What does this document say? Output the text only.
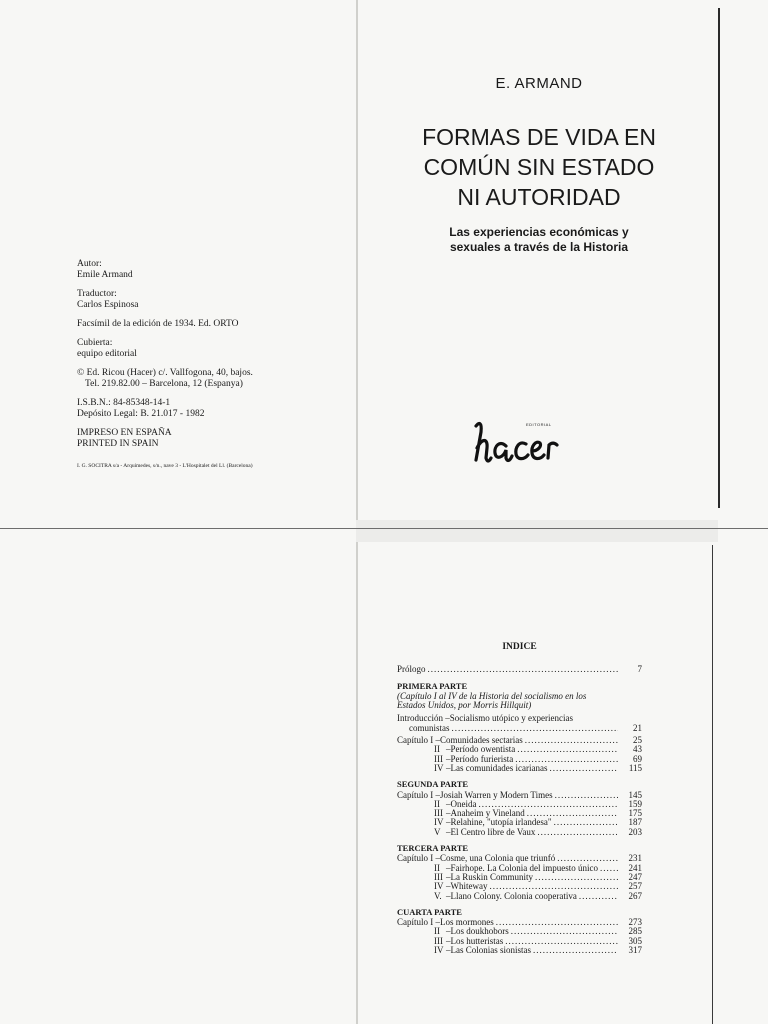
E. ARMAND
FORMAS DE VIDA EN
COMÚN SIN ESTADO
NI AUTORIDAD
Las experiencias económicas y
sexuales a través de la Historia
EDITORIAL
Autor:
Emile Armand
Traductor:
Carlos Espinosa
Facsímil de la edición de 1934. Ed. ORTO
Cubierta:
equipo editorial
© Ed. Ricou (Hacer) c/. Vallfogona, 40, bajos.
Tel. 219.82.00 – Barcelona, 12 (Espanya)
I.S.B.N.: 84-85348-14-1
Depósito Legal: B. 21.017 - 1982
IMPRESO EN ESPAÑA
PRINTED IN SPAIN
I. G. SOCITRA s/a - Arquimedes, s/n., nave 3 - L'Hospitalet del Ll. (Barcelona)
INDICE
Prólogo .....	7
PRIMERA PARTE
(Capítulo I al IV de la Historia del socialismo en los
Estados Unidos, por Morris Hillquit)
Introducción –Socialismo utópico y experiencias
comunistas .....	21
Capítulo I –Comunidades sectarias .....	25
II –Período owentista .....	43
III –Período furierista .....	69
IV –Las comunidades icarianas .....	115
SEGUNDA PARTE
Capítulo I –Josiah Warren y Modern Times .....	145
II –Oneida .....	159
III –Anaheim y Vineland .....	175
IV –Relahine, "utopía irlandesa" .....	187
V –El Centro libre de Vaux .....	203
TERCERA PARTE
Capítulo I –Cosme, una Colonia que triunfó .....	231
II –Fairhope. La Colonia del impuesto único .....	241
III –La Ruskin Community .....	247
IV –Whiteway .....	257
V. –Llano Colony. Colonia cooperativa .....	267
CUARTA PARTE
Capítulo I –Los mormones .....	273
II –Los doukhobors .....	285
III –Los hutteristas .....	305
IV –Las Colonias sionistas .....	317
